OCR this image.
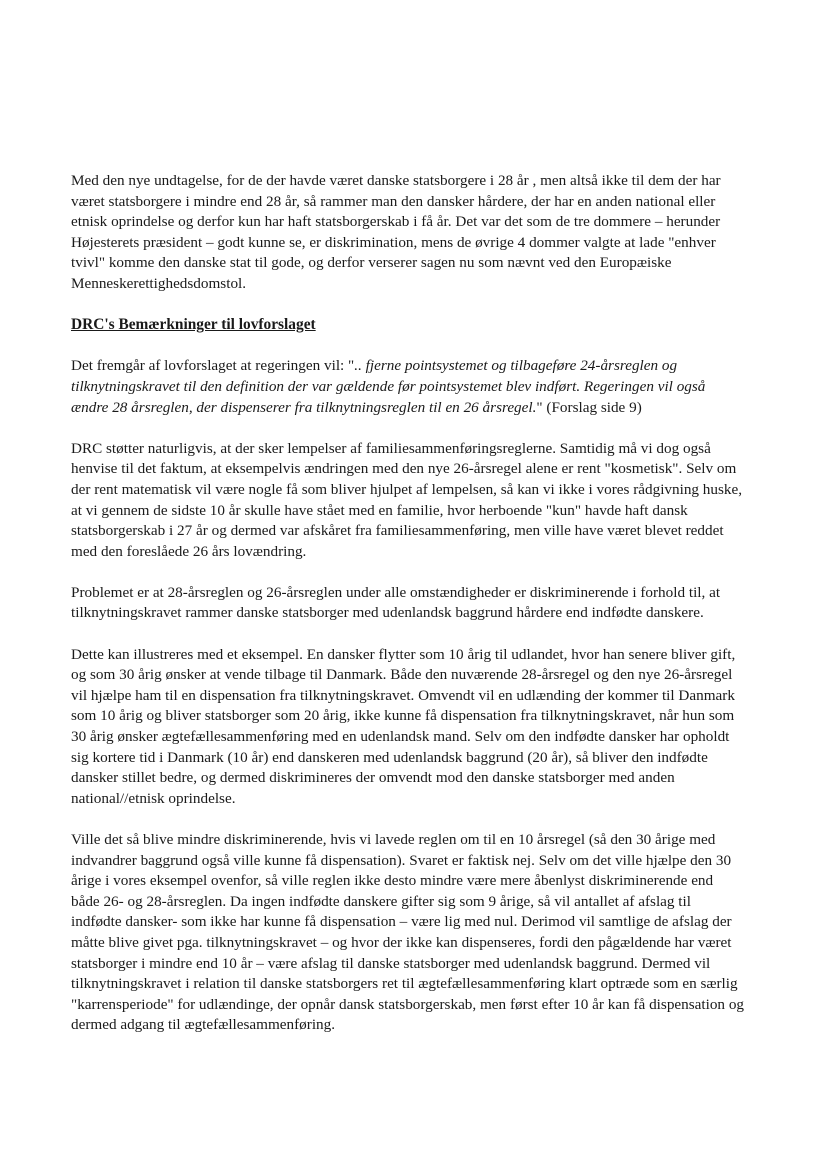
Med den nye undtagelse, for de der havde været danske statsborgere i 28 år , men altså ikke til dem der har været statsborgere i mindre end 28 år, så rammer man den dansker hårdere, der har en anden national eller etnisk oprindelse og derfor kun har haft statsborgerskab i få år. Det var det som de tre dommere – herunder Højesterets præsident – godt kunne se, er diskrimination, mens de øvrige 4 dommer valgte at lade "enhver tvivl" komme den danske stat til gode, og derfor verserer sagen nu som nævnt ved den Europæiske Menneskerettighedsdomstol.

DRC's Bemærkninger til lovforslaget

Det fremgår af lovforslaget at regeringen vil: ".. fjerne pointsystemet og tilbageføre 24-årsreglen og tilknytningskravet til den definition der var gældende før pointsystemet blev indført. Regeringen vil også ændre 28 årsreglen, der dispenserer fra tilknytningsreglen til en 26 årsregel." (Forslag side 9)

DRC støtter naturligvis, at der sker lempelser af familiesammenføringsreglerne. Samtidig må vi dog også henvise til det faktum, at eksempelvis ændringen med den nye 26-årsregel alene er rent "kosmetisk". Selv om der rent matematisk vil være nogle få som bliver hjulpet af lempelsen, så kan vi ikke i vores rådgivning huske, at vi gennem de sidste 10 år skulle have stået med en familie, hvor herboende "kun" havde haft dansk statsborgerskab i 27 år og dermed var afskåret fra familiesammenføring, men ville have været blevet reddet med den foreslåede 26 års lovændring.

Problemet er at 28-årsreglen og 26-årsreglen under alle omstændigheder er diskriminerende i forhold til, at tilknytningskravet rammer danske statsborger med udenlandsk baggrund hårdere end indfødte danskere.

Dette kan illustreres med et eksempel. En dansker flytter som 10 årig til udlandet, hvor han senere bliver gift, og som 30 årig ønsker at vende tilbage til Danmark. Både den nuværende 28-årsregel og den nye 26-årsregel vil hjælpe ham til en dispensation fra tilknytningskravet. Omvendt vil en udlænding der kommer til Danmark som 10 årig og bliver statsborger som 20 årig, ikke kunne få dispensation fra tilknytningskravet, når hun som 30 årig ønsker ægtefællesammenføring med en udenlandsk mand. Selv om den indfødte dansker har opholdt sig kortere tid i Danmark (10 år) end danskeren med udenlandsk baggrund (20 år), så bliver den indfødte dansker stillet bedre, og dermed diskrimineres der omvendt mod den danske statsborger med anden national//etnisk oprindelse.

Ville det så blive mindre diskriminerende, hvis vi lavede reglen om til en 10 årsregel (så den 30 årige med indvandrer baggrund også ville kunne få dispensation). Svaret er faktisk nej. Selv om det ville hjælpe den 30 årige i vores eksempel ovenfor, så ville reglen ikke desto mindre være mere åbenlyst diskriminerende end både 26- og 28-årsreglen. Da ingen indfødte danskere gifter sig som 9 årige, så vil antallet af afslag til indfødte dansker- som ikke har kunne få dispensation – være lig med nul. Derimod vil samtlige de afslag der måtte blive givet pga. tilknytningskravet – og hvor der ikke kan dispenseres, fordi den pågældende har været statsborger i mindre end 10 år – være afslag til danske statsborger med udenlandsk baggrund. Dermed vil tilknytningskravet i relation til danske statsborgers ret til ægtefællesammenføring klart optræde som en særlig "karrensperiode" for udlændinge, der opnår dansk statsborgerskab, men først efter 10 år kan få dispensation og dermed adgang til ægtefællesammenføring.
